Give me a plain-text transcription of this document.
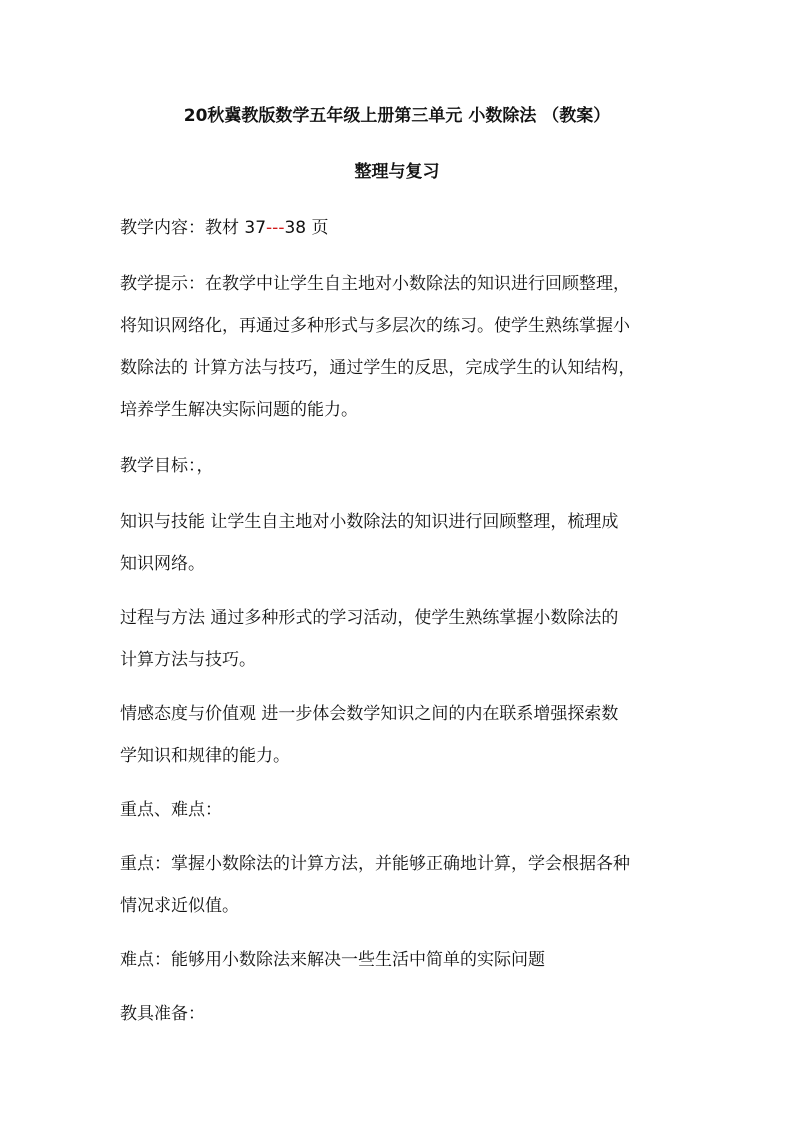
20秋冀教版数学五年级上册第三单元 小数除法 （教案）
整理与复习
教学内容：教材 37---38 页
教学提示：在教学中让学生自主地对小数除法的知识进行回顾整理，
将知识网络化，再通过多种形式与多层次的练习。使学生熟练掌握小
数除法的 计算方法与技巧，通过学生的反思，完成学生的认知结构，
培养学生解决实际问题的能力。
教学目标：，
知识与技能 让学生自主地对小数除法的知识进行回顾整理，梳理成
知识网络。
过程与方法 通过多种形式的学习活动，使学生熟练掌握小数除法的
计算方法与技巧。
情感态度与价值观 进一步体会数学知识之间的内在联系增强探索数
学知识和规律的能力。
重点、难点：
重点：掌握小数除法的计算方法，并能够正确地计算，学会根据各种
情况求近似值。
难点：能够用小数除法来解决一些生活中简单的实际问题
教具准备：
